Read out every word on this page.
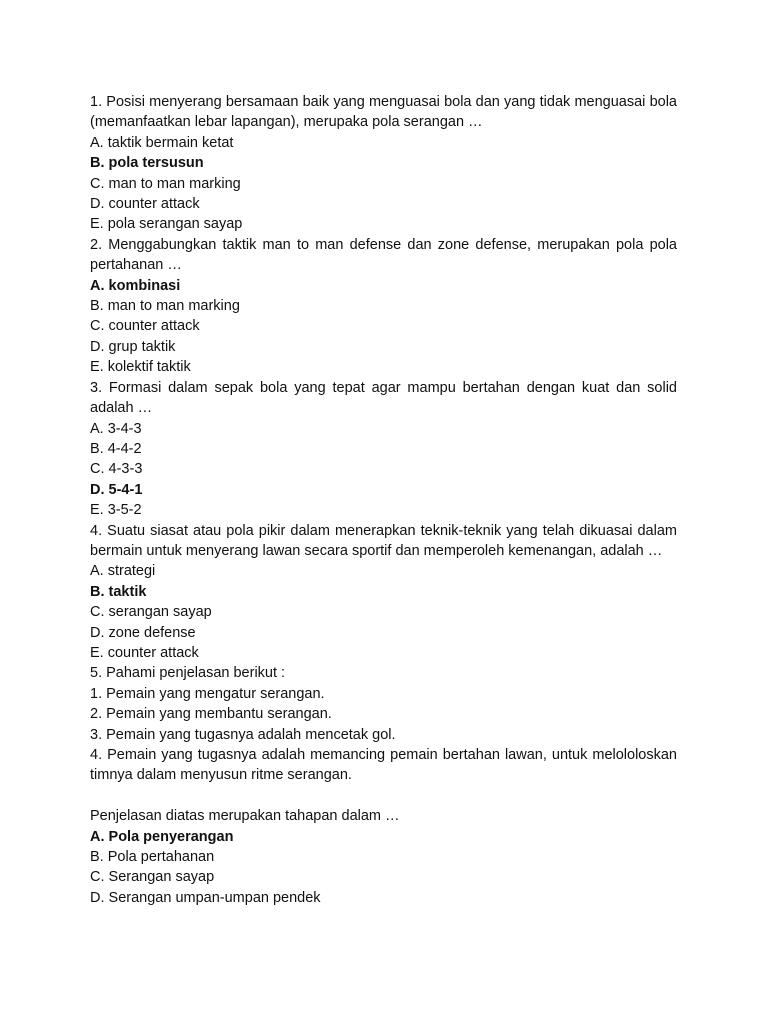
1. Posisi menyerang bersamaan baik yang menguasai bola dan yang tidak menguasai bola (memanfaatkan lebar lapangan), merupaka pola serangan …
A. taktik bermain ketat
B. pola tersusun
C. man to man marking
D. counter attack
E. pola serangan sayap
2. Menggabungkan taktik man to man defense dan zone defense, merupakan pola pola pertahanan …
A. kombinasi
B. man to man marking
C. counter attack
D. grup taktik
E. kolektif taktik
3. Formasi dalam sepak bola yang tepat agar mampu bertahan dengan kuat dan solid adalah …
A. 3-4-3
B. 4-4-2
C. 4-3-3
D. 5-4-1
E. 3-5-2
4. Suatu siasat atau pola pikir dalam menerapkan teknik-teknik yang telah dikuasai dalam bermain untuk menyerang lawan secara sportif dan memperoleh kemenangan, adalah …
A. strategi
B. taktik
C. serangan sayap
D. zone defense
E. counter attack
5. Pahami penjelasan berikut :
1. Pemain yang mengatur serangan.
2. Pemain yang membantu serangan.
3. Pemain yang tugasnya adalah mencetak gol.
4. Pemain yang tugasnya adalah memancing pemain bertahan lawan, untuk melololoskan timnya dalam menyusun ritme serangan.
Penjelasan diatas merupakan tahapan dalam …
A. Pola penyerangan
B. Pola pertahanan
C. Serangan sayap
D. Serangan umpan-umpan pendek
